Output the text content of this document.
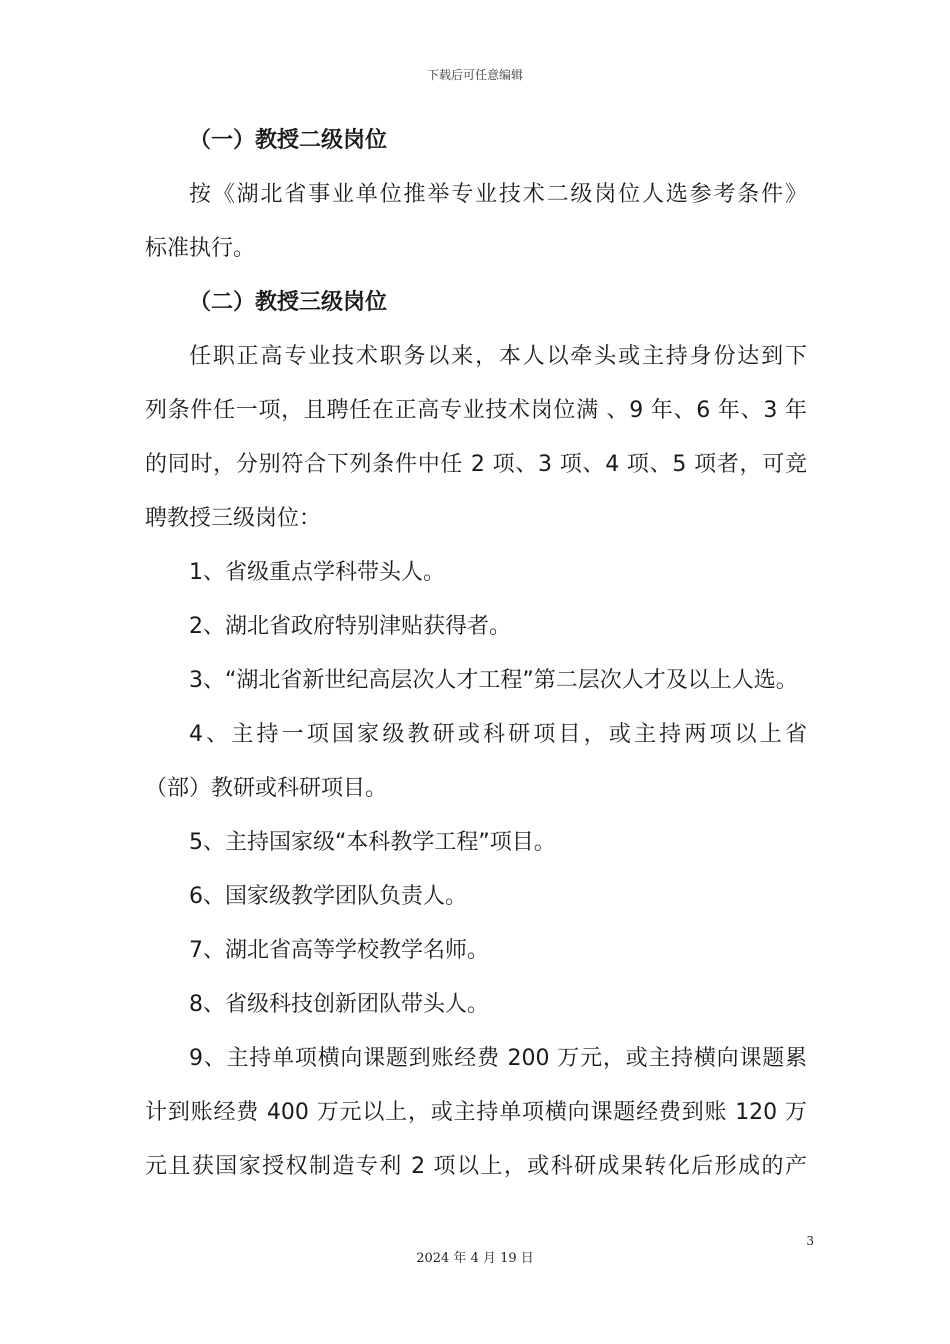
下载后可任意编辑
（一）教授二级岗位
按《湖北省事业单位推举专业技术二级岗位人选参考条件》
标准执行。
（二）教授三级岗位
任职正高专业技术职务以来，本人以牵头或主持身份达到下
列条件任一项，且聘任在正高专业技术岗位满 、9 年、6 年、3 年
的同时，分别符合下列条件中任 2 项、3 项、4 项、5 项者，可竞
聘教授三级岗位：
1、省级重点学科带头人。
2、湖北省政府特别津贴获得者。
3、“湖北省新世纪高层次人才工程”第二层次人才及以上人选。
4、主持一项国家级教研或科研项目，或主持两项以上省
（部）教研或科研项目。
5、主持国家级“本科教学工程”项目。
6、国家级教学团队负责人。
7、湖北省高等学校教学名师。
8、省级科技创新团队带头人。
9、主持单项横向课题到账经费 200 万元，或主持横向课题累
计到账经费 400 万元以上，或主持单项横向课题经费到账 120 万
元且获国家授权制造专利 2 项以上，或科研成果转化后形成的产
3
2024 年 4 月 19 日
